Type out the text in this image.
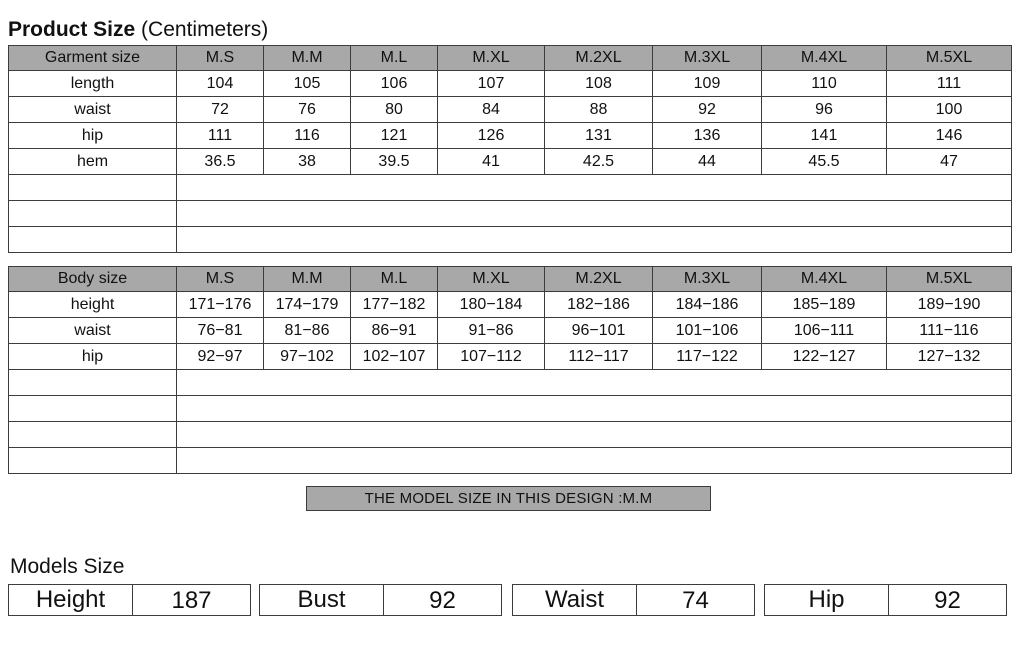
Product Size (Centimeters)
Garment size	M.S	M.M	M.L	M.XL	M.2XL	M.3XL	M.4XL	M.5XL
length	104	105	106	107	108	109	110	111
waist	72	76	80	84	88	92	96	100
hip	111	116	121	126	131	136	141	146
hem	36.5	38	39.5	41	42.5	44	45.5	47

Body size	M.S	M.M	M.L	M.XL	M.2XL	M.3XL	M.4XL	M.5XL
height	171−176	174−179	177−182	180−184	182−186	184−186	185−189	189−190
waist	76−81	81−86	86−91	91−86	96−101	101−106	106−111	111−116
hip	92−97	97−102	102−107	107−112	112−117	117−122	122−127	127−132

THE MODEL SIZE IN THIS DESIGN :M.M
Models Size
Height	187	Bust	92	Waist	74	Hip	92
